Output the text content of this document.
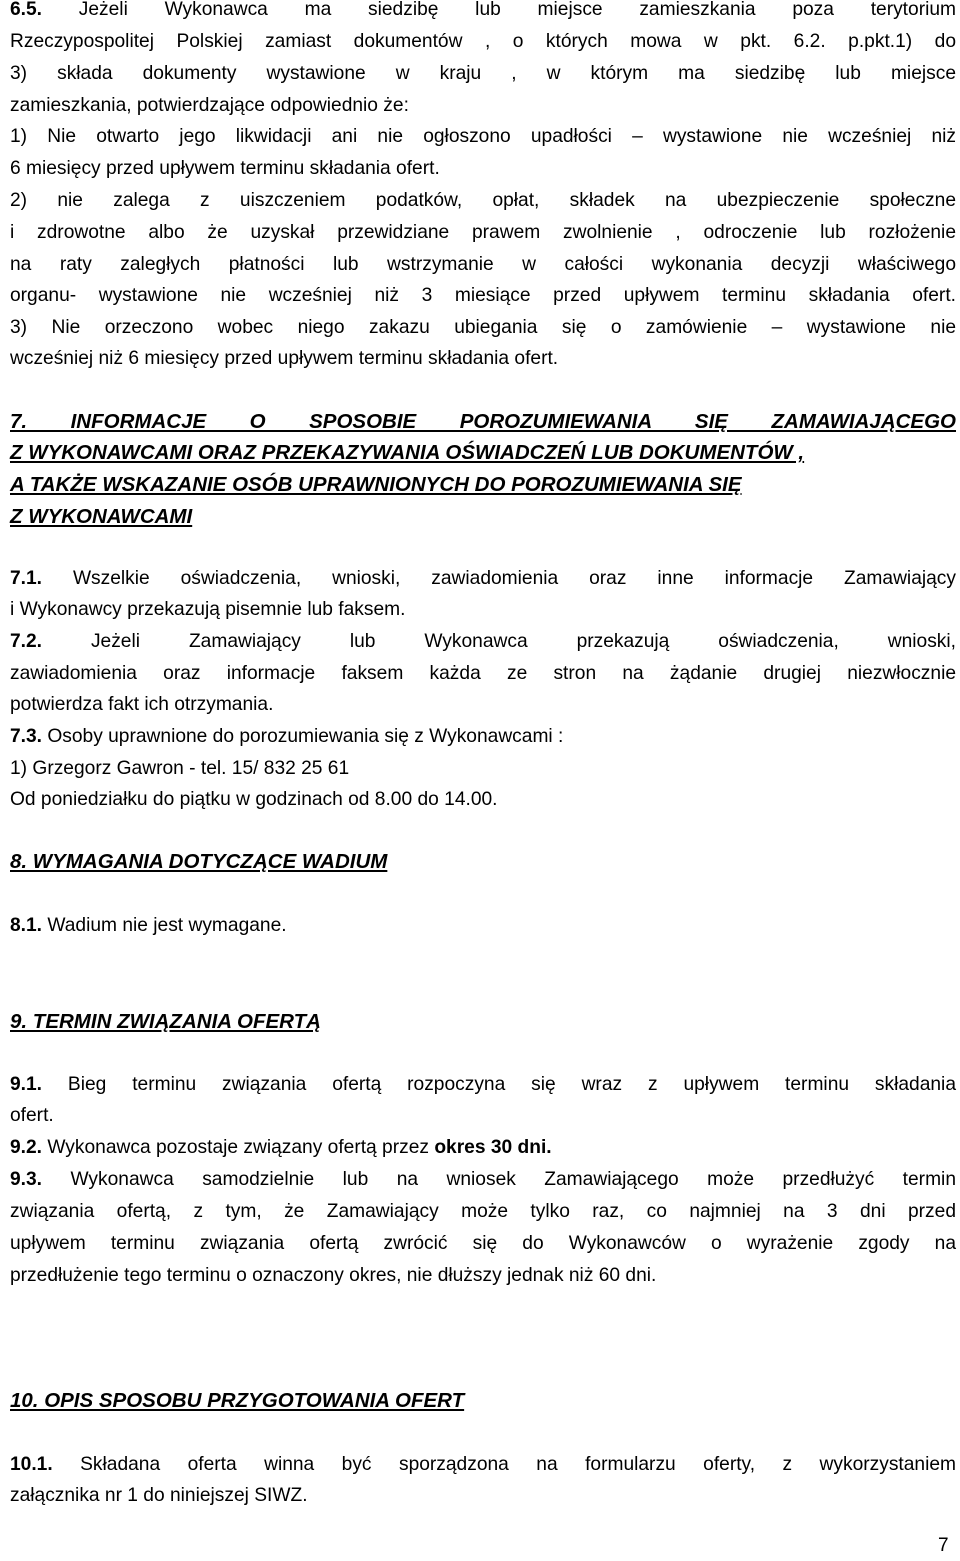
6.5. Jeżeli Wykonawca ma siedzibę lub miejsce zamieszkania poza terytorium
Rzeczypospolitej Polskiej zamiast dokumentów , o których mowa w pkt. 6.2. p.pkt.1) do
3) składa dokumenty wystawione w kraju , w którym ma siedzibę lub miejsce
zamieszkania, potwierdzające odpowiednio że:
1) Nie otwarto jego likwidacji ani nie ogłoszono upadłości – wystawione nie wcześniej niż
6 miesięcy przed upływem terminu składania ofert.
2) nie zalega z uiszczeniem podatków, opłat, składek na ubezpieczenie społeczne
i zdrowotne albo że uzyskał przewidziane prawem zwolnienie , odroczenie lub rozłożenie
na raty zaległych płatności lub wstrzymanie w całości wykonania decyzji właściwego
organu- wystawione nie wcześniej niż 3 miesiące przed upływem terminu składania ofert.
3) Nie orzeczono wobec niego zakazu ubiegania się o zamówienie – wystawione nie
wcześniej niż 6 miesięcy przed upływem terminu składania ofert.
7. INFORMACJE O SPOSOBIE POROZUMIEWANIA SIĘ ZAMAWIAJĄCEGO
Z WYKONAWCAMI ORAZ PRZEKAZYWANIA OŚWIADCZEŃ LUB DOKUMENTÓW ,
A TAKŻE WSKAZANIE OSÓB UPRAWNIONYCH DO POROZUMIEWANIA SIĘ
Z WYKONAWCAMI
7.1. Wszelkie oświadczenia, wnioski, zawiadomienia oraz inne informacje Zamawiający
i Wykonawcy przekazują pisemnie lub faksem.
7.2. Jeżeli Zamawiający lub Wykonawca przekazują oświadczenia, wnioski,
zawiadomienia oraz informacje faksem każda ze stron na żądanie drugiej niezwłocznie
potwierdza fakt ich otrzymania.
7.3. Osoby uprawnione do porozumiewania się z Wykonawcami :
1) Grzegorz Gawron - tel. 15/ 832 25 61
Od poniedziałku do piątku w godzinach od 8.00 do 14.00.
8. WYMAGANIA DOTYCZĄCE WADIUM
8.1. Wadium nie jest wymagane.
9. TERMIN ZWIĄZANIA OFERTĄ
9.1. Bieg terminu związania ofertą rozpoczyna się wraz z upływem terminu składania
ofert.
9.2. Wykonawca pozostaje związany ofertą przez okres 30 dni.
9.3. Wykonawca samodzielnie lub na wniosek Zamawiającego może przedłużyć termin
związania ofertą, z tym, że Zamawiający może tylko raz, co najmniej na 3 dni przed
upływem terminu związania ofertą zwrócić się do Wykonawców o wyrażenie zgody na
przedłużenie tego terminu o oznaczony okres, nie dłuższy jednak niż 60 dni.
10. OPIS SPOSOBU PRZYGOTOWANIA OFERT
10.1. Składana oferta winna być sporządzona na formularzu oferty, z wykorzystaniem
załącznika nr 1 do niniejszej SIWZ.
7
